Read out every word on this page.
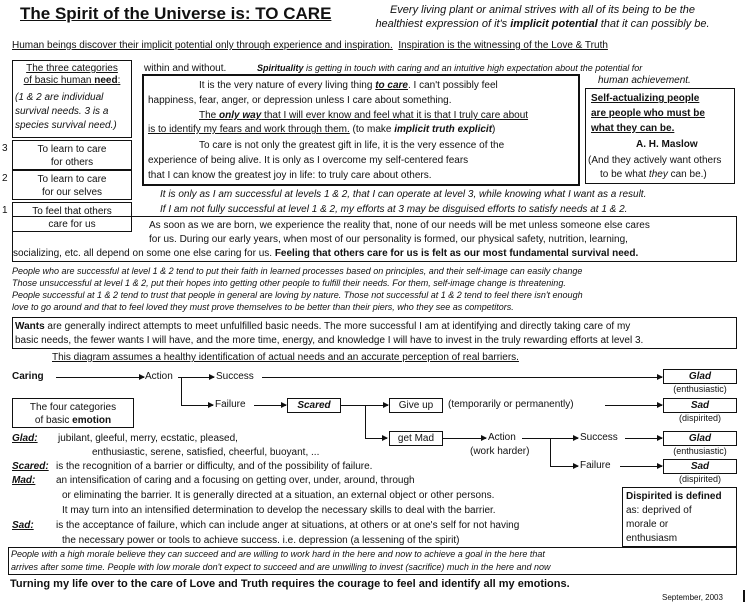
The Spirit of the Universe is: TO CARE	Every living plant or animal strives with all of its being to be the
healthiest expression of it's implicit potential that it can possibly be.
Human beings discover their implicit potential only through experience and inspiration. Inspiration is the witnessing of the Love & Truth
The three categories
of basic human need:
(1 & 2 are individual
survival needs. 3 is a
species survival need.)
3	To learn to care
for others
2	To learn to care
for our selves
1	To feel that others
care for us
within and without.	Spirituality is getting in touch with caring and an intuitive high expectation about the potential for
human achievement.
It is the very nature of every living thing to care. I can't possibly feel
happiness, fear, anger, or depression unless I care about something.
The only way that I will ever know and feel what it is that I truly care about
is to identify my fears and work through them. (to make implicit truth explicit)
To care is not only the greatest gift in life, it is the very essence of the
experience of being alive. It is only as I overcome my self-centered fears
that I can know the greatest joy in life: to truly care about others.
Self-actualizing people
are people who must be
what they can be.
A. H. Maslow
(And they actively want others
to be what they can be.)
It is only as I am successful at levels 1 & 2, that I can operate at level 3, while knowing what I want as a result.
If I am not fully successful at level 1 & 2, my efforts at 3 may be disguised efforts to satisfy needs at 1 & 2.
As soon as we are born, we experience the reality that, none of our needs will be met unless someone else cares
for us. During our early years, when most of our personality is formed, our physical safety, nutrition, learning,
socializing, etc. all depend on some one else caring for us. Feeling that others care for us is felt as our most fundamental survival need.
People who are successful at level 1 & 2 tend to put their faith in learned processes based on principles, and their self-image can easily change
Those unsuccessful at level 1 & 2, put their hopes into getting other people to fulfill their needs. For them, self-image change is threatening.
People successful at 1 & 2 tend to trust that people in general are loving by nature. Those not successful at 1 & 2 tend to feel there isn't enough
love to go around and that to feel loved they must prove themselves to be better than their piers, who they see as competitors.
Wants are generally indirect attempts to meet unfulfilled basic needs. The more successful I am at identifying and directly taking care of my
basic needs, the fewer wants I will have, and the more time, energy, and knowledge I will have to invest in the truly rewarding efforts at level 3.
This diagram assumes a healthy identification of actual needs and an accurate perception of real barriers.
Caring	Action	Success	Glad
(enthusiastic)
Failure	Scared	Give up	(temporarily or permanently)	Sad
(dispirited)
get Mad	Action
(work harder)
Success	Glad
(enthusiastic)
Failure	Sad
(dispirited)
The four categories
of basic emotion
Glad: jubilant, gleeful, merry, ecstatic, pleased,
enthusiastic, serene, satisfied, cheerful, buoyant, ...
Scared: is the recognition of a barrier or difficulty, and of the possibility of failure.
Mad: an intensification of caring and a focusing on getting over, under, around, through
or eliminating the barrier. It is generally directed at a situation, an external object or other persons.
It may turn into an intensified determination to develop the necessary skills to deal with the barrier.
Sad: is the acceptance of failure, which can include anger at situations, at others or at one's self for not having
the necessary power or tools to achieve success. i.e. depression (a lessening of the spirit)
Dispirited is defined
as: deprived of
morale or
enthusiasm
People with a high morale believe they can succeed and are willing to work hard in the here and now to achieve a goal in the here that
arrives after some time. People with low morale don't expect to succeed and are unwilling to invest (sacrifice) much in the here and now
Turning my life over to the care of Love and Truth requires the courage to feel and identify all my emotions.
September, 2003
